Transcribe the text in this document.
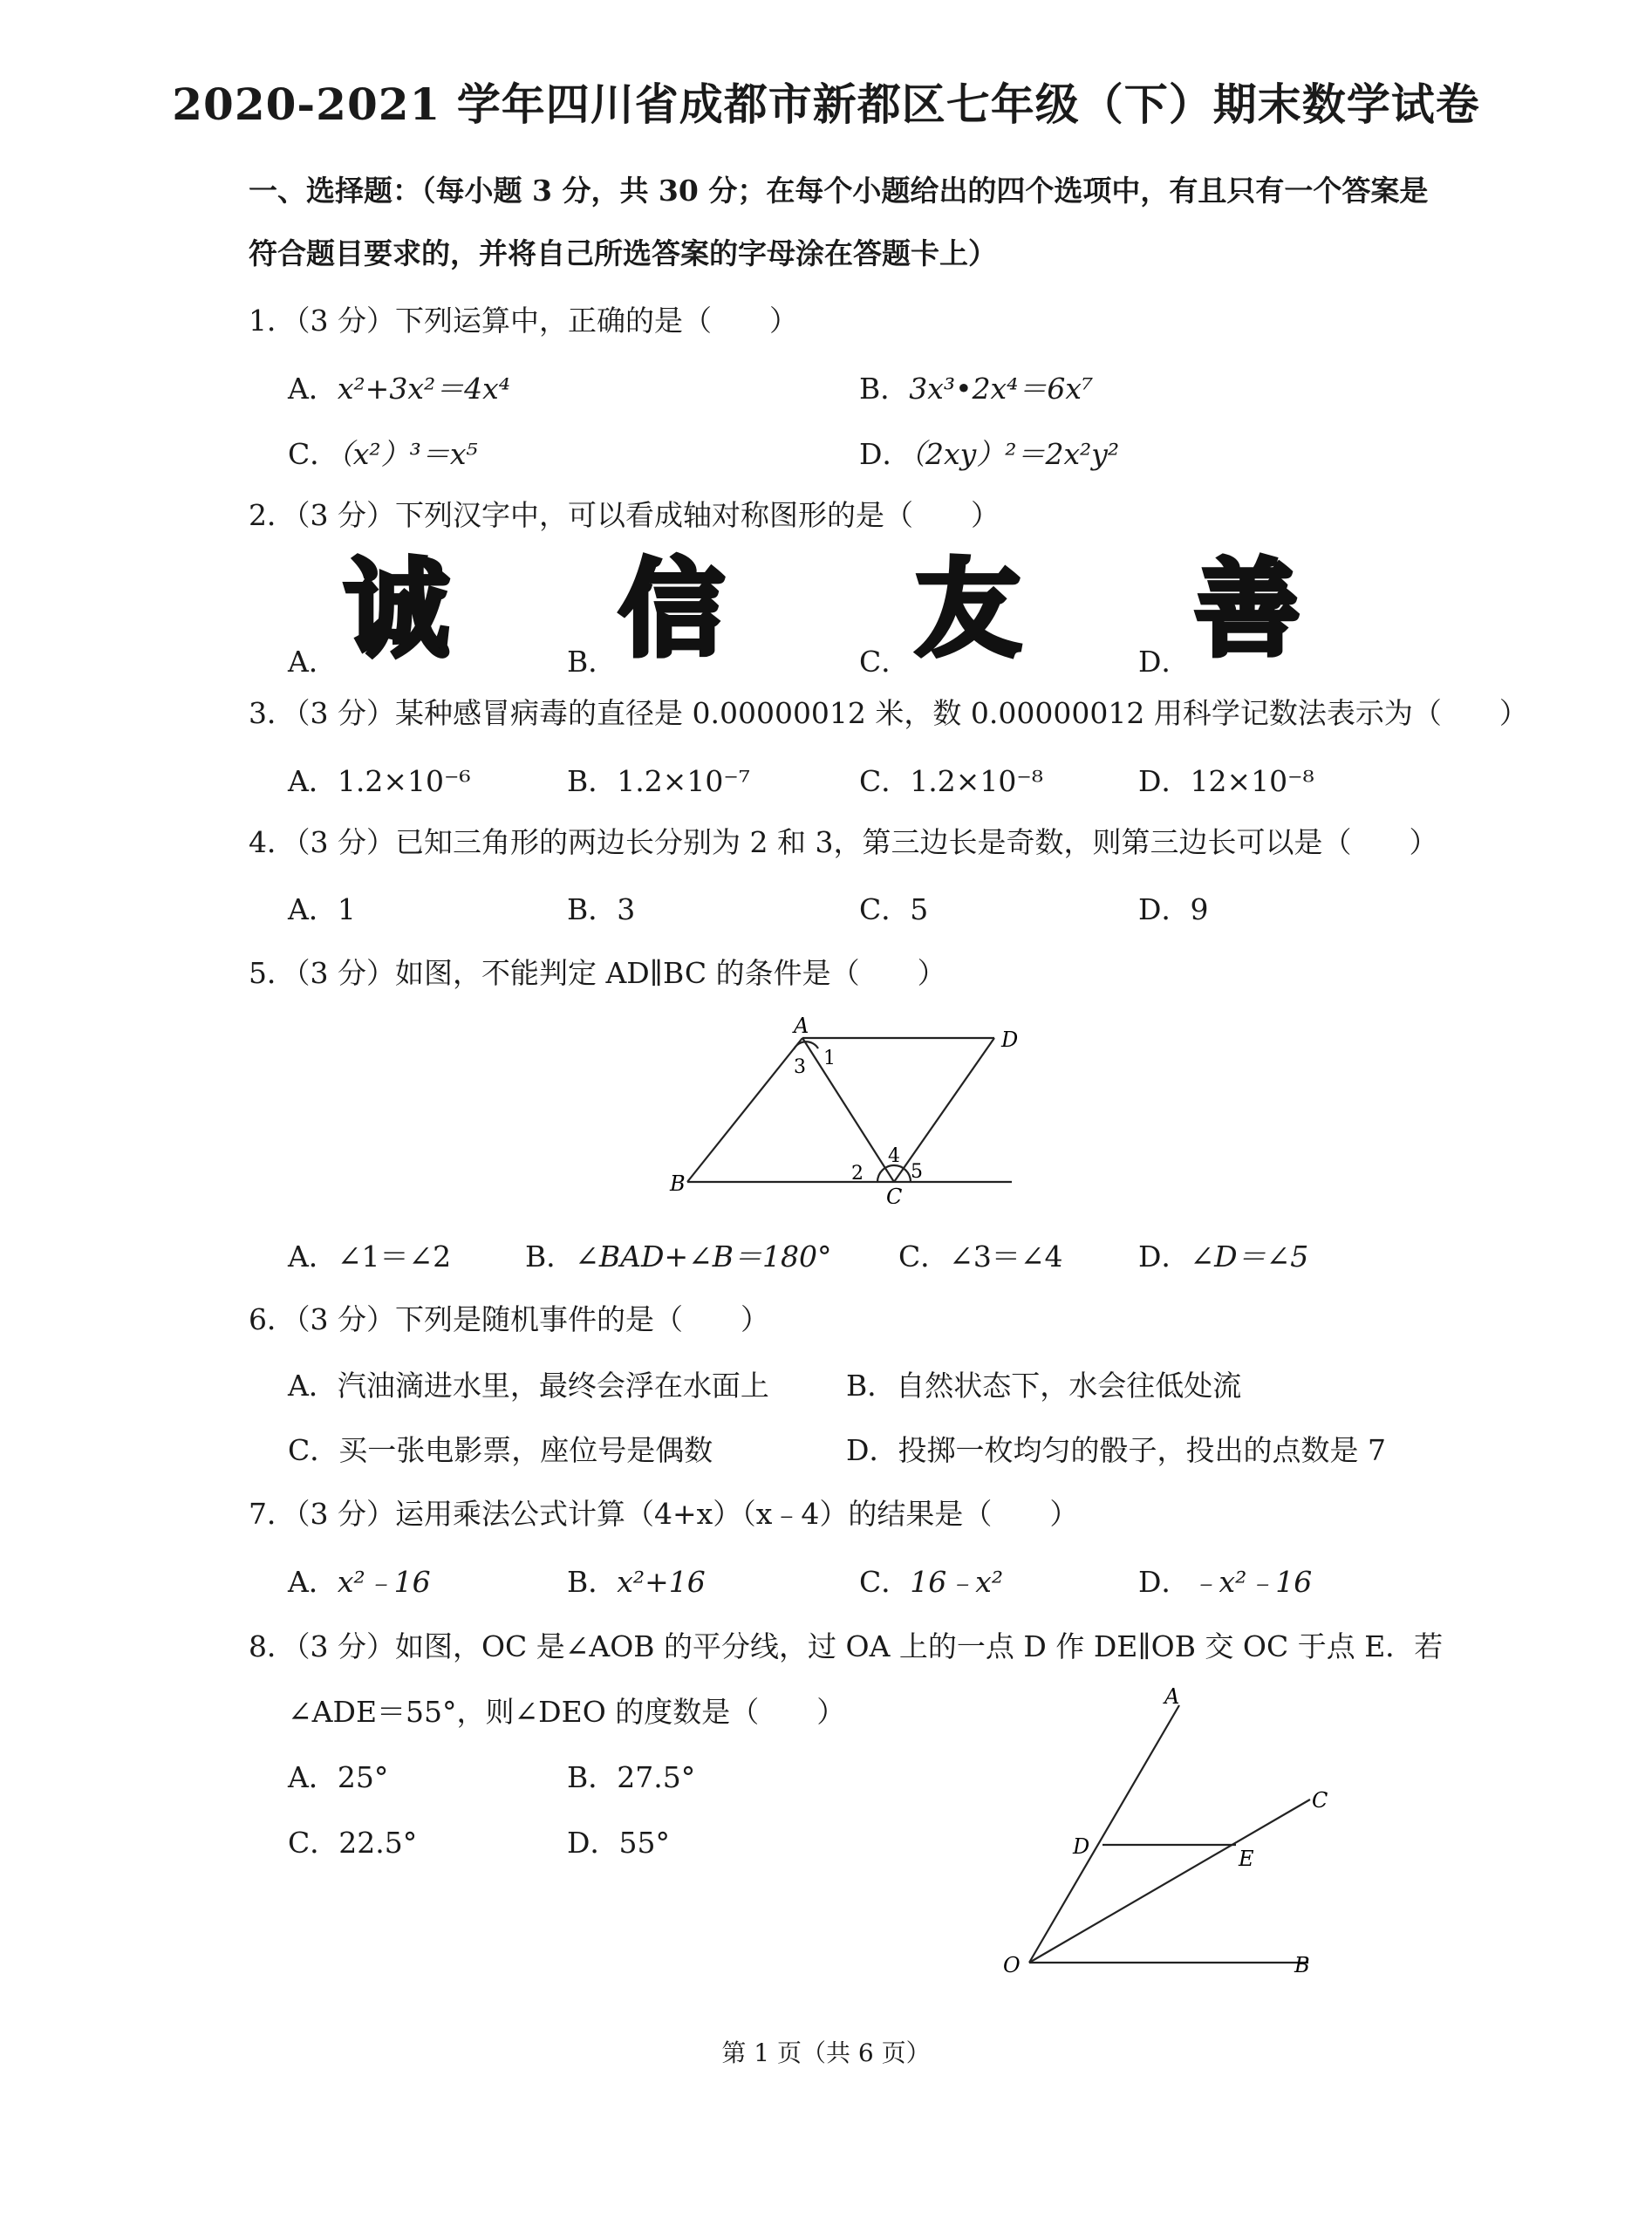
2020-2021 学年四川省成都市新都区七年级（下）期末数学试卷
一、选择题：（每小题 3 分，共 30 分；在每个小题给出的四个选项中，有且只有一个答案是符合题目要求的，并将自己所选答案的字母涂在答题卡上）
1．（3 分）下列运算中，正确的是（　　）
A．x²+3x²＝4x⁴	B．3x³•2x⁴＝6x⁷
C．（x²）³＝x⁵	D．（2xy）²＝2x²y²
2．（3 分）下列汉字中，可以看成轴对称图形的是（　　）
A． 诚	B． 信	C． 友	D． 善
3．（3 分）某种感冒病毒的直径是 0.00000012 米，数 0.00000012 用科学记数法表示为（　　）
A．1.2×10⁻⁶	B．1.2×10⁻⁷	C．1.2×10⁻⁸	D．12×10⁻⁸
4．（3 分）已知三角形的两边长分别为 2 和 3，第三边长是奇数，则第三边长可以是（　　）
A．1	B．3	C．5	D．9
5．（3 分）如图，不能判定 AD∥BC 的条件是（　　）
A
D
B
C
1
3
4
2 5
A．∠1＝∠2	B．∠BAD+∠B＝180° C．∠3＝∠4	D．∠D＝∠5
6．（3 分）下列是随机事件的是（　　）
A．汽油滴进水里，最终会浮在水面上	B．自然状态下，水会往低处流
C．买一张电影票，座位号是偶数	D．投掷一枚均匀的骰子，投出的点数是 7
7．（3 分）运用乘法公式计算（4+x）（x﹣4）的结果是（　　）
A．x²﹣16	B．x²+16	C．16﹣x²	D．﹣x²﹣16
8．（3 分）如图，OC 是∠AOB 的平分线，过 OA 上的一点 D 作 DE∥OB 交 OC 于点 E．若
∠ADE＝55°，则∠DEO 的度数是（　　）
A．25°	B．27.5°
C．22.5°	D．55°
A
C
D	E
O	B
第 1 页（共 6 页）
